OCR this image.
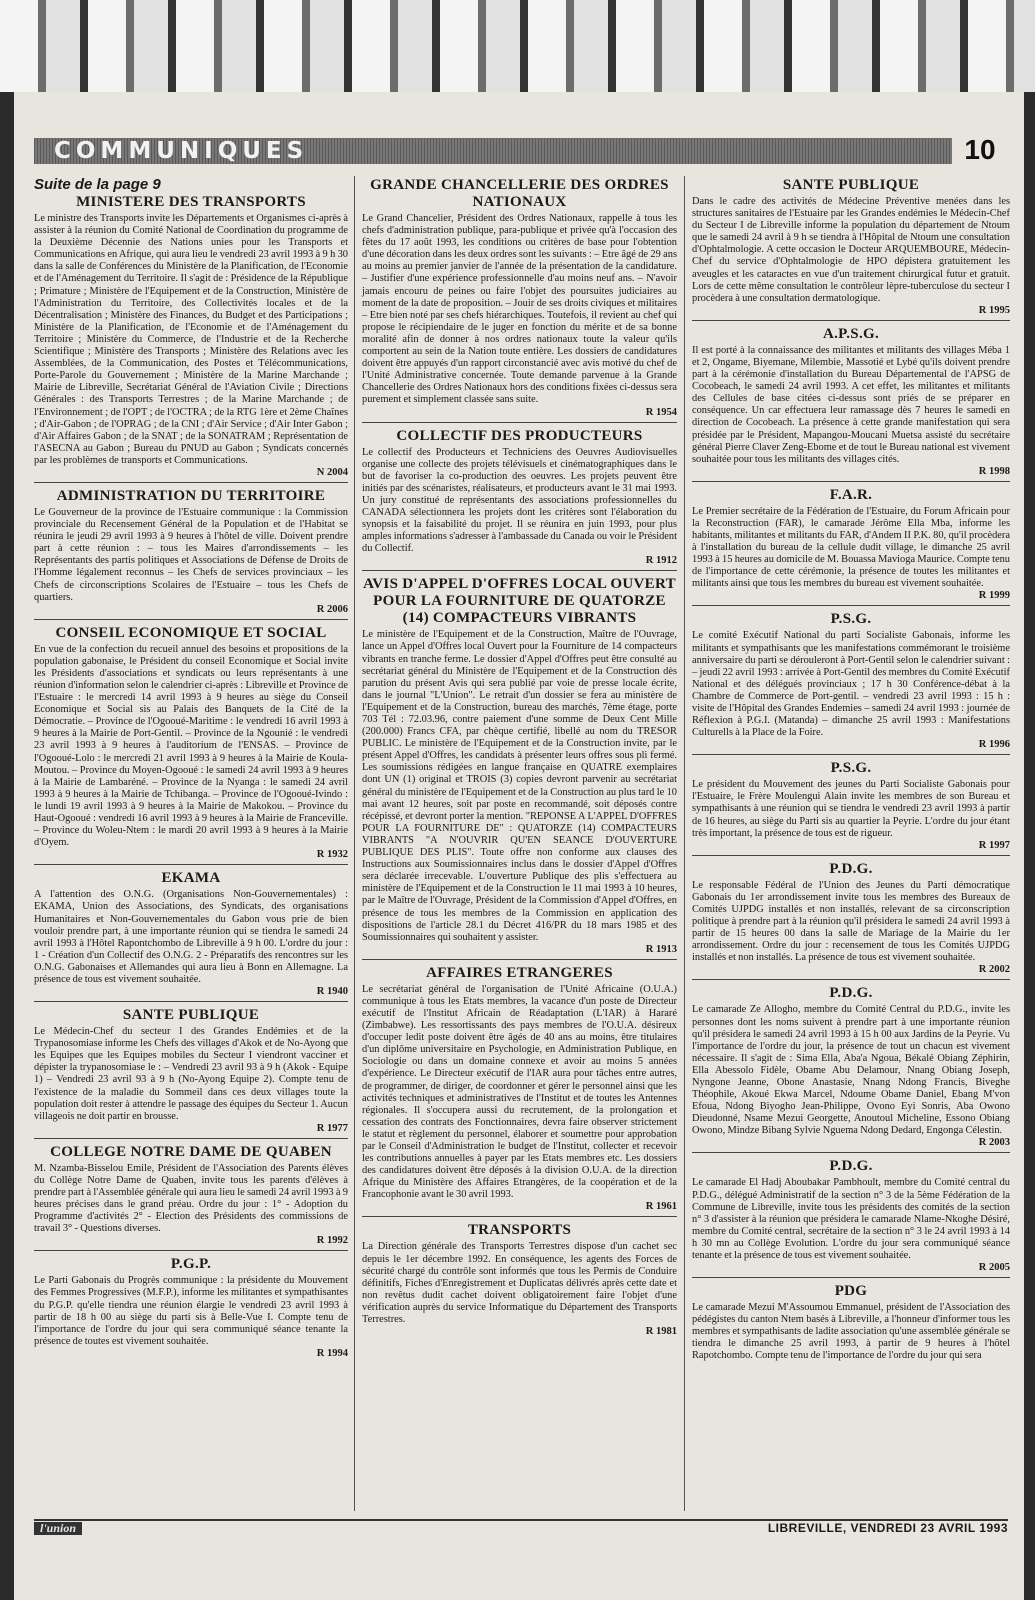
COMMUNIQUES	10
Suite de la page 9
MINISTERE DES TRANSPORTS

Le ministre des Transports invite les Départements et Organismes ci-après à assister à la réunion du Comité National de Coordination du programme de la Deuxième Décennie des Nations unies pour les Transports et Communications en Afrique, qui aura lieu le vendredi 23 avril 1993 à 9 h 30 dans la salle de Conférences du Ministère de la Planification, de l'Economie et de l'Aménagement du Territoire. Il s'agit de : Présidence de la République ; Primature ; Ministère de l'Equipement et de la Construction, Ministère de l'Administration du Territoire, des Collectivités locales et de la Décentralisation ; Ministère des Finances, du Budget et des Participations ; Ministère de la Planification, de l'Economie et de l'Aménagement du Territoire ; Ministère du Commerce, de l'Industrie et de la Recherche Scientifique ; Ministère des Transports ; Ministère des Relations avec les Assemblées, de la Communication, des Postes et Télécommunications, Porte-Parole du Gouvernement ; Ministère de la Marine Marchande ; Mairie de Libreville, Secrétariat Général de l'Aviation Civile ; Directions Générales : des Transports Terrestres ; de la Marine Marchande ; de l'Environnement ; de l'OPT ; de l'OCTRA ; de la RTG 1ère et 2ème Chaînes ; d'Air-Gabon ; de l'OPRAG ; de la CNI ; d'Air Service ; d'Air Inter Gabon ; d'Air Affaires Gabon ; de la SNAT ; de la SONATRAM ; Représentation de l'ASECNA au Gabon ; Bureau du PNUD au Gabon ; Syndicats concernés par les problèmes de transports et Communications.

N 2004
ADMINISTRATION DU TERRITOIRE

Le Gouverneur de la province de l'Estuaire communique : la Commission provinciale du Recensement Général de la Population et de l'Habitat se réunira le jeudi 29 avril 1993 à 9 heures à l'hôtel de ville. Doivent prendre part à cette réunion : – tous les Maires d'arrondissements – les Représentants des partis politiques et Associations de Défense de Droits de l'Homme légalement reconnus – les Chefs de services provinciaux – les Chefs de circonscriptions Scolaires de l'Estuaire – tous les Chefs de quartiers.

R 2006
CONSEIL ECONOMIQUE ET SOCIAL

En vue de la confection du recueil annuel des besoins et propositions de la population gabonaise, le Président du conseil Economique et Social invite les Présidents d'associations et syndicats ou leurs représentants à une réunion d'information selon le calendrier ci-après : Libreville et Province de l'Estuaire : le mercredi 14 avril 1993 à 9 heures au siège du Conseil Economique et Social sis au Palais des Banquets de la Cité de la Démocratie. – Province de l'Ogooué-Maritime : le vendredi 16 avril 1993 à 9 heures à la Mairie de Port-Gentil. – Province de la Ngounié : le vendredi 23 avril 1993 à 9 heures à l'auditorium de l'ENSAS. – Province de l'Ogooué-Lolo : le mercredi 21 avril 1993 à 9 heures à la Mairie de Koula-Moutou. – Province du Moyen-Ogooué : le samedi 24 avril 1993 à 9 heures à la Mairie de Lambaréné. – Province de la Nyanga : le samedi 24 avril 1993 à 9 heures à la Mairie de Tchibanga. – Province de l'Ogooué-Ivindo : le lundi 19 avril 1993 à 9 heures à la Mairie de Makokou. – Province du Haut-Ogooué : vendredi 16 avril 1993 à 9 heures à la Mairie de Franceville. – Province du Woleu-Ntem : le mardi 20 avril 1993 à 9 heures à la Mairie d'Oyem.

R 1932
EKAMA

A l'attention des O.N.G. (Organisations Non-Gouvernementales) : EKAMA, Union des Associations, des Syndicats, des organisations Humanitaires et Non-Gouvernementales du Gabon vous prie de bien vouloir prendre part, à une importante réunion qui se tiendra le samedi 24 avril 1993 à l'Hôtel Rapontchombo de Libreville à 9 h 00. L'ordre du jour : 1 - Création d'un Collectif des O.N.G. 2 - Préparatifs des rencontres sur les O.N.G. Gabonaises et Allemandes qui aura lieu à Bonn en Allemagne. La présence de tous est vivement souhaitée.

R 1940
SANTE PUBLIQUE

Le Médecin-Chef du secteur I des Grandes Endémies et de la Trypanosomiase informe les Chefs des villages d'Akok et de No-Ayong que les Equipes que les Equipes mobiles du Secteur I viendront vacciner et dépister la trypanosomiase le : – Vendredi 23 avril 93 à 9 h (Akok - Equipe 1) – Vendredi 23 avril 93 à 9 h (No-Ayong Equipe 2). Compte tenu de l'existence de la maladie du Sommeil dans ces deux villages toute la population doit rester à attendre le passage des équipes du Secteur 1. Aucun villageois ne doit partir en brousse.

R 1977
COLLEGE NOTRE DAME DE QUABEN

M. Nzamba-Bisselou Emile, Président de l'Association des Parents élèves du Collège Notre Dame de Quaben, invite tous les parents d'élèves à prendre part à l'Assemblée générale qui aura lieu le samedi 24 avril 1993 à 9 heures précises dans le grand préau. Ordre du jour : 1° - Adoption du Programme d'activités 2° - Election des Présidents des commissions de travail 3° - Questions diverses.

R 1992
P.G.P.

Le Parti Gabonais du Progrès communique : la présidente du Mouvement des Femmes Progressives (M.F.P.), informe les militantes et sympathisantes du P.G.P. qu'elle tiendra une réunion élargie le vendredi 23 avril 1993 à partir de 18 h 00 au siège du parti sis à Belle-Vue I. Compte tenu de l'importance de l'ordre du jour qui sera communiqué séance tenante la présence de toutes est vivement souhaitée.

R 1994
GRANDE CHANCELLERIE DES ORDRES NATIONAUX

Le Grand Chancelier, Président des Ordres Nationaux, rappelle à tous les chefs d'administration publique, para-publique et privée qu'à l'occasion des fêtes du 17 août 1993, les conditions ou critères de base pour l'obtention d'une décoration dans les deux ordres sont les suivants : – Etre âgé de 29 ans au moins au premier janvier de l'année de la présentation de la candidature. – Justifier d'une expérience professionnelle d'au moins neuf ans. – N'avoir jamais encouru de peines ou faire l'objet des poursuites judiciaires au moment de la date de proposition. – Jouir de ses droits civiques et militaires – Etre bien noté par ses chefs hiérarchiques. Toutefois, il revient au chef qui propose le récipiendaire de le juger en fonction du mérite et de sa bonne moralité afin de donner à nos ordres nationaux toute la valeur qu'ils comportent au sein de la Nation toute entière. Les dossiers de candidatures doivent être appuyés d'un rapport circonstancié avec avis motivé du chef de l'Unité Administrative concernée. Toute demande parvenue à la Grande Chancellerie des Ordres Nationaux hors des conditions fixées ci-dessus sera purement et simplement classée sans suite.

R 1954
COLLECTIF DES PRODUCTEURS

Le collectif des Producteurs et Techniciens des Oeuvres Audiovisuelles organise une collecte des projets télévisuels et cinématographiques dans le but de favoriser la co-production des oeuvres. Les projets peuvent être initiés par des scénaristes, réalisateurs, et producteurs avant le 31 mai 1993. Un jury constitué de représentants des associations professionnelles du CANADA sélectionnera les projets dont les critères sont l'élaboration du synopsis et la faisabilité du projet. Il se réunira en juin 1993, pour plus amples informations s'adresser à l'ambassade du Canada ou voir le Président du Collectif.

R 1912
AVIS D'APPEL D'OFFRES LOCAL OUVERT POUR LA FOURNITURE DE QUATORZE (14) COMPACTEURS VIBRANTS

Le ministère de l'Equipement et de la Construction, Maître de l'Ouvrage, lance un Appel d'Offres local Ouvert pour la Fourniture de 14 compacteurs vibrants en tranche ferme. Le dossier d'Appel d'Offres peut être consulté au secrétariat général du Ministère de l'Equipement et de la Construction dès parution du présent Avis qui sera publié par voie de presse locale écrite, dans le journal "L'Union". Le retrait d'un dossier se fera au ministère de l'Equipement et de la Construction, bureau des marchés, 7ème étage, porte 703 Tél : 72.03.96, contre paiement d'une somme de Deux Cent Mille (200.000) Francs CFA, par chèque certifié, libellé au nom du TRESOR PUBLIC. Le ministère de l'Equipement et de la Construction invite, par le présent Appel d'Offres, les candidats à présenter leurs offres sous pli fermé. Les soumissions rédigées en langue française en QUATRE exemplaires dont UN (1) original et TROIS (3) copies devront parvenir au secrétariat général du ministère de l'Equipement et de la Construction au plus tard le 10 mai avant 12 heures, soit par poste en recommandé, soit déposés contre récépissé, et devront porter la mention. "REPONSE A L'APPEL D'OFFRES POUR LA FOURNITURE DE" : QUATORZE (14) COMPACTEURS VIBRANTS "A N'OUVRIR QU'EN SEANCE D'OUVERTURE PUBLIQUE DES PLIS". Toute offre non conforme aux clauses des Instructions aux Soumissionnaires inclus dans le dossier d'Appel d'Offres sera déclarée irrecevable. L'ouverture Publique des plis s'effectuera au ministère de l'Equipement et de la Construction le 11 mai 1993 à 10 heures, par le Maître de l'Ouvrage, Président de la Commission d'Appel d'Offres, en présence de tous les membres de la Commission en application des dispositions de l'article 28.1 du Décret 416/PR du 18 mars 1985 et des Soumissionnaires qui souhaitent y assister.

R 1913
AFFAIRES ETRANGERES

Le secrétariat général de l'organisation de l'Unité Africaine (O.U.A.) communique à tous les Etats membres, la vacance d'un poste de Directeur exécutif de l'Institut Africain de Réadaptation (L'IAR) à Hararé (Zimbabwe). Les ressortissants des pays membres de l'O.U.A. désireux d'occuper ledit poste doivent être âgés de 40 ans au moins, être titulaires d'un diplôme universitaire en Psychologie, en Administration Publique, en Sociologie ou dans un domaine connexe et avoir au moins 5 années d'expérience. Le Directeur exécutif de l'IAR aura pour tâches entre autres, de programmer, de diriger, de coordonner et gérer le personnel ainsi que les activités techniques et administratives de l'Institut et de toutes les Antennes régionales. Il s'occupera aussi du recrutement, de la prolongation et cessation des contrats des Fonctionnaires, devra faire observer strictement le statut et règlement du personnel, élaborer et soumettre pour approbation par le Conseil d'Administration le budget de l'Institut, collecter et recevoir les contributions annuelles à payer par les Etats membres etc. Les dossiers des candidatures doivent être déposés à la division O.U.A. de la direction Afrique du Ministère des Affaires Etrangères, de la coopération et de la Francophonie avant le 30 avril 1993.

R 1961
TRANSPORTS

La Direction générale des Transports Terrestres dispose d'un cachet sec depuis le 1er décembre 1992. En conséquence, les agents des Forces de sécurité chargé du contrôle sont informés que tous les Permis de Conduire définitifs, Fiches d'Enregistrement et Duplicatas délivrés après cette date et non revêtus dudit cachet doivent obligatoirement faire l'objet d'une vérification auprès du service Informatique du Département des Transports Terrestres.

R 1981
SANTE PUBLIQUE

Dans le cadre des activités de Médecine Préventive menées dans les structures sanitaires de l'Estuaire par les Grandes endémies le Médecin-Chef du Secteur I de Libreville informe la population du département de Ntoum que le samedi 24 avril à 9 h se tiendra à l'Hôpital de Ntoum une consultation d'Ophtalmologie. A cette occasion le Docteur ARQUEMBOURE, Médecin-Chef du service d'Ophtalmologie de HPO dépistera gratuitement les aveugles et les cataractes en vue d'un traitement chirurgical futur et gratuit. Lors de cette même consultation le contrôleur lèpre-tuberculose du secteur I procèdera à une consultation dermatologique.

R 1995
A.P.S.G.

Il est porté à la connaissance des militantes et militants des villages Méba 1 et 2, Ongame, Biyemane, Milembie, Massotié et Lybé qu'ils doivent prendre part à la cérémonie d'installation du Bureau Départemental de l'APSG de Cocobeach, le samedi 24 avril 1993. A cet effet, les militantes et militants des Cellules de base citées ci-dessus sont priés de se préparer en conséquence. Un car effectuera leur ramassage dès 7 heures le samedi en direction de Cocobeach. La présence à cette grande manifestation qui sera présidée par le Président, Mapangou-Moucani Muetsa assisté du secrétaire général Pierre Claver Zeng-Ebome et de tout le Bureau national est vivement souhaitée pour tous les militants des villages cités.

R 1998
F.A.R.

Le Premier secrétaire de la Fédération de l'Estuaire, du Forum Africain pour la Reconstruction (FAR), le camarade Jérôme Ella Mba, informe les habitants, militantes et militants du FAR, d'Andem II P.K. 80, qu'il procèdera à l'installation du bureau de la cellule dudit village, le dimanche 25 avril 1993 à 15 heures au domicile de M. Bouassa Mavioga Maurice. Compte tenu de l'importance de cette cérémonie, la présence de toutes les militantes et militants ainsi que tous les membres du bureau est vivement souhaitée.

R 1999
P.S.G.

Le comité Exécutif National du parti Socialiste Gabonais, informe les militants et sympathisants que les manifestations commémorant le troisième anniversaire du parti se dérouleront à Port-Gentil selon le calendrier suivant : – jeudi 22 avril 1993 : arrivée à Port-Gentil des membres du Comité Exécutif National et des délégués provinciaux ; 17 h 30 Conférence-débat à la Chambre de Commerce de Port-gentil. – vendredi 23 avril 1993 : 15 h : visite de l'Hôpital des Grandes Endemies – samedi 24 avril 1993 : journée de Réflexion à P.G.I. (Matanda) – dimanche 25 avril 1993 : Manifestations Culturells à la Place de la Foire.

R 1996
P.S.G.

Le président du Mouvement des jeunes du Parti Socialiste Gabonais pour l'Estuaire, le Frère Moulengui Alain invite les membres de son Bureau et sympathisants à une réunion qui se tiendra le vendredi 23 avril 1993 à partir de 16 heures, au siège du Parti sis au quartier la Peyrie. L'ordre du jour étant très important, la présence de tous est de rigueur.

R 1997
P.D.G.

Le responsable Fédéral de l'Union des Jeunes du Parti démocratique Gabonais du 1er arrondissement invite tous les membres des Bureaux de Comités UJPDG installés et non installés, relevant de sa circonscription politique à prendre part à la réunion qu'il présidera le samedi 24 avril 1993 à partir de 15 heures 00 dans la salle de Mariage de la Mairie du 1er arrondissement. Ordre du jour : recensement de tous les Comités UJPDG installés et non installés. La présence de tous est vivement souhaitée.

R 2002
P.D.G.

Le camarade Ze Allogho, membre du Comité Central du P.D.G., invite les personnes dont les noms suivent à prendre part à une importante réunion qu'il présidera le samedi 24 avril 1993 à 15 h 00 aux Jardins de la Peyrie. Vu l'importance de l'ordre du jour, la présence de tout un chacun est vivement nécessaire. Il s'agit de : Sima Ella, Aba'a Ngoua, Békalé Obiang Zéphirin, Ella Abessolo Fidèle, Obame Abu Delamour, Nnang Obiang Joseph, Nyngone Jeanne, Obone Anastasie, Nnang Ndong Francis, Biveghe Théophile, Akoué Ekwa Marcel, Ndoume Obame Daniel, Ebang M'von Efoua, Ndong Biyogho Jean-Philippe, Ovono Eyi Sonris, Aba Owono Dieudonné, Nsame Mezui Georgette, Anoutoul Micheline, Essono Obiang Owono, Mindze Bibang Sylvie Nguema Ndong Dedard, Engonga Célestin.

R 2003
P.D.G.

Le camarade El Hadj Aboubakar Pambhoult, membre du Comité central du P.D.G., délégué Administratif de la section n° 3 de la 5ème Fédération de la Commune de Libreville, invite tous les présidents des comités de la section n° 3 d'assister à la réunion que présidera le camarade Nlame-Nkoghe Désiré, membre du Comité central, secrétaire de la section n° 3 le 24 avril 1993 à 14 h 30 mn au Collège Evolution. L'ordre du jour sera communiqué séance tenante et la présence de tous est vivement souhaitée.

R 2005
PDG

Le camarade Mezui M'Assoumou Emmanuel, président de l'Association des pédégistes du canton Ntem basés à Libreville, a l'honneur d'informer tous les membres et sympathisants de ladite association qu'une assemblée générale se tiendra le dimanche 25 avril 1993, à partir de 9 heures à l'hôtel Rapotchombo. Compte tenu de l'importance de l'ordre du jour qui sera

l'union	LIBREVILLE, VENDREDI 23 AVRIL 1993
